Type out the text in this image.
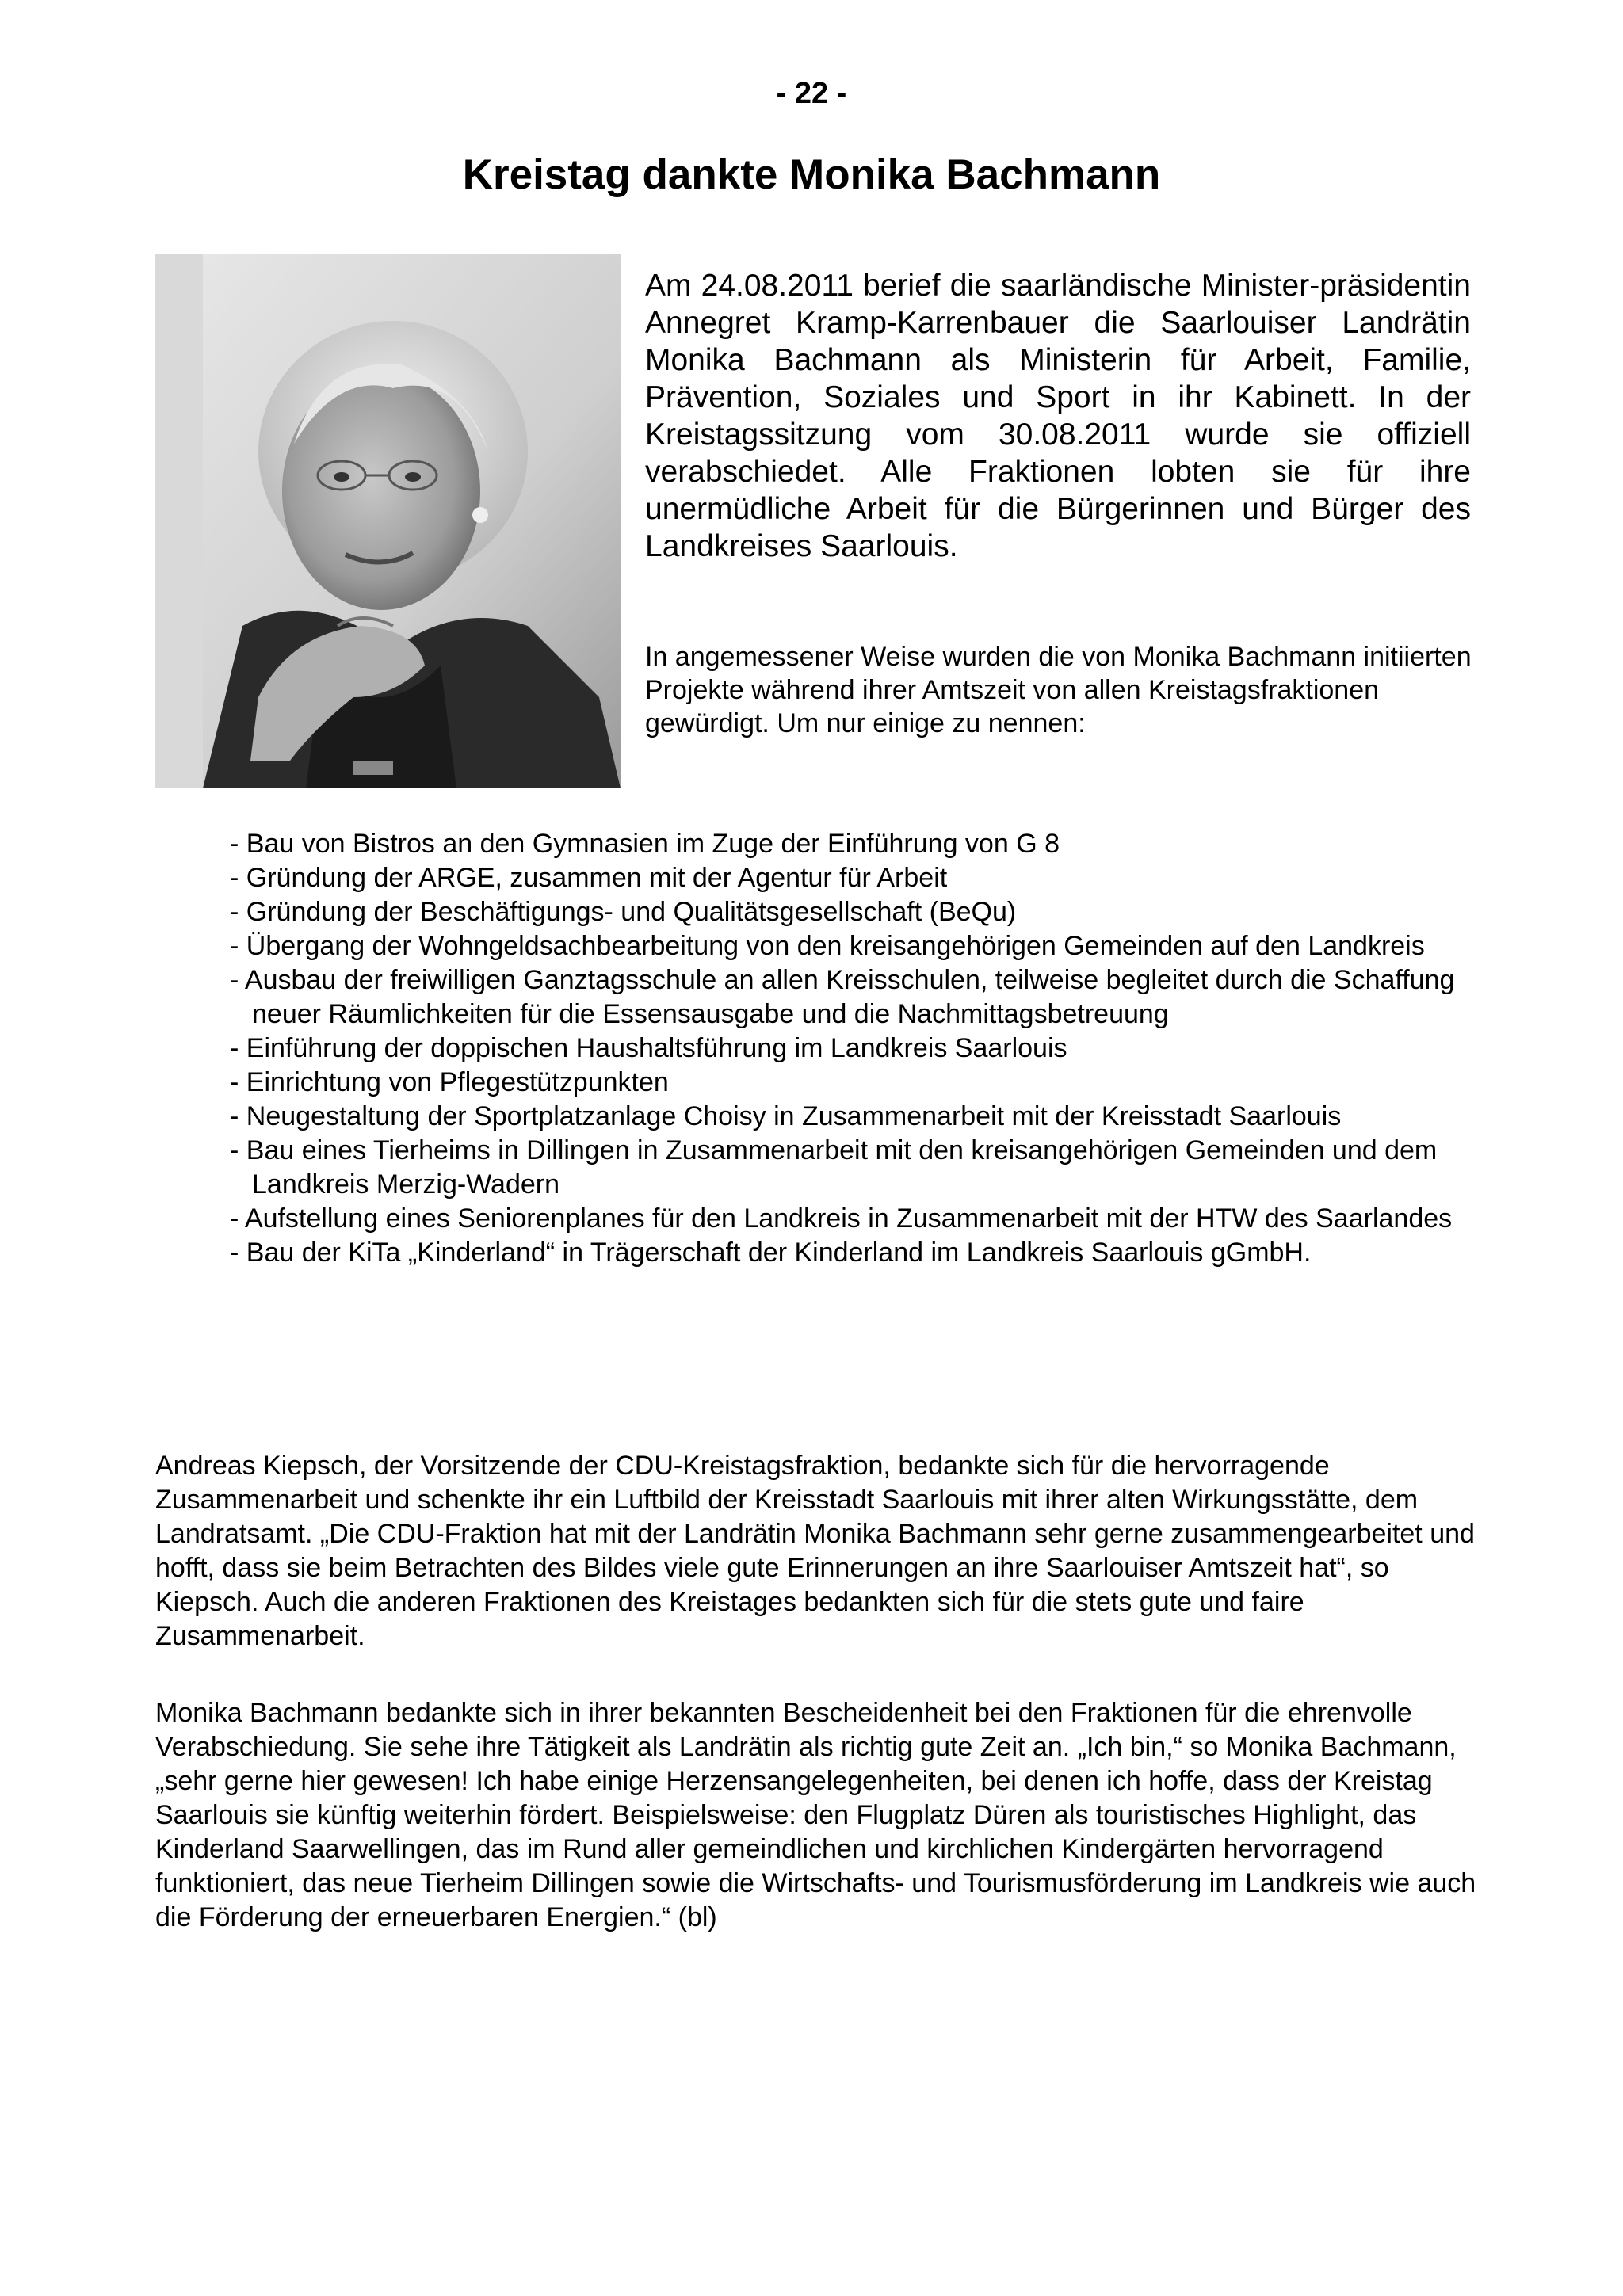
- 22 -
Kreistag dankte Monika Bachmann

Am 24.08.2011 berief die saarländische Minister-präsidentin Annegret Kramp-Karrenbauer die Saarlouiser Landrätin Monika Bachmann als Ministerin für Arbeit, Familie, Prävention, Soziales und Sport in ihr Kabinett. In der Kreistagssitzung vom 30.08.2011 wurde sie offiziell verabschiedet. Alle Fraktionen lobten sie für ihre unermüdliche Arbeit für die Bürgerinnen und Bürger des Landkreises Saarlouis.

In angemessener Weise wurden die von Monika Bachmann initiierten Projekte während ihrer Amtszeit von allen Kreistagsfraktionen gewürdigt. Um nur einige zu nennen:

- Bau von Bistros an den Gymnasien im Zuge der Einführung von G 8
- Gründung der ARGE, zusammen mit der Agentur für Arbeit
- Gründung der Beschäftigungs- und Qualitätsgesellschaft (BeQu)
- Übergang der Wohngeldsachbearbeitung von den kreisangehörigen Gemeinden auf den Landkreis
- Ausbau der freiwilligen Ganztagsschule an allen Kreisschulen, teilweise begleitet durch die Schaffung neuer Räumlichkeiten für die Essensausgabe und die Nachmittagsbetreuung
- Einführung der doppischen Haushaltsführung im Landkreis Saarlouis
- Einrichtung von Pflegestützpunkten
- Neugestaltung der Sportplatzanlage Choisy in Zusammenarbeit mit der Kreisstadt Saarlouis
- Bau eines Tierheims in Dillingen in Zusammenarbeit mit den kreisangehörigen Gemeinden und dem Landkreis Merzig-Wadern
- Aufstellung eines Seniorenplanes für den Landkreis in Zusammenarbeit mit der HTW des Saarlandes
- Bau der KiTa „Kinderland“ in Trägerschaft der Kinderland im Landkreis Saarlouis gGmbH.

Andreas Kiepsch, der Vorsitzende der CDU-Kreistagsfraktion, bedankte sich für die hervorragende Zusammenarbeit und schenkte ihr ein Luftbild der Kreisstadt Saarlouis mit ihrer alten Wirkungsstätte, dem Landratsamt. „Die CDU-Fraktion hat mit der Landrätin Monika Bachmann sehr gerne zusammengearbeitet und hofft, dass sie beim Betrachten des Bildes viele gute Erinnerungen an ihre Saarlouiser Amtszeit hat“, so Kiepsch. Auch die anderen Fraktionen des Kreistages bedankten sich für die stets gute und faire Zusammenarbeit.

Monika Bachmann bedankte sich in ihrer bekannten Bescheidenheit bei den Fraktionen für die ehrenvolle Verabschiedung. Sie sehe ihre Tätigkeit als Landrätin als richtig gute Zeit an. „Ich bin,“ so Monika Bachmann, „sehr gerne hier gewesen! Ich habe einige Herzensangelegenheiten, bei denen ich hoffe, dass der Kreistag Saarlouis sie künftig weiterhin fördert. Beispielsweise: den Flugplatz Düren als touristisches Highlight, das Kinderland Saarwellingen, das im Rund aller gemeindlichen und kirchlichen Kindergärten hervorragend funktioniert, das neue Tierheim Dillingen sowie die Wirtschafts- und Tourismusförderung im Landkreis wie auch die Förderung der erneuerbaren Energien.“ (bl)
